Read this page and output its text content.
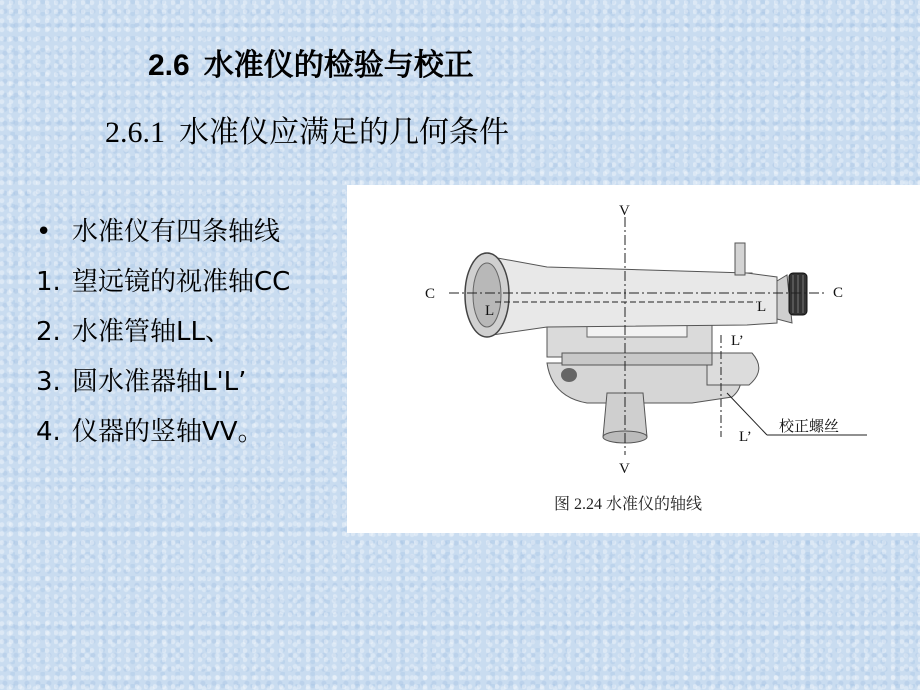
2.6 水准仪的检验与校正
2.6.1 水准仪应满足的几何条件
• 水准仪有四条轴线
1. 望远镜的视准轴CC
2. 水准管轴LL、
3. 圆水准器轴L'L’
4. 仪器的竖轴VV。
V
V
C	C
L	L
L’
L’
校正螺丝
图 2.24 水准仪的轴线
